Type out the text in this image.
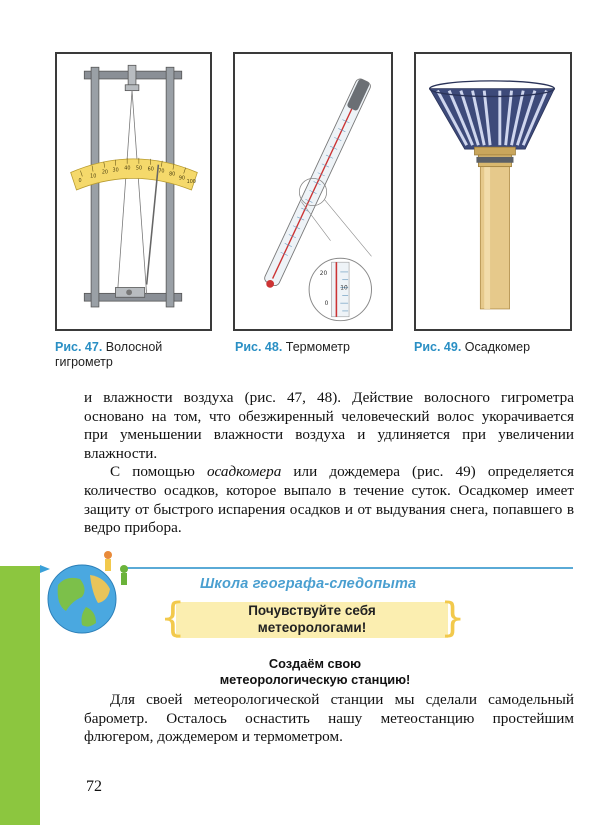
0
10
20 30 40 50 60 70 80
90
100
20
10
0
Рис. 47. Волосной гигрометр
Рис. 48. Термометр	Рис. 49. Осадкомер

и влажности воздуха (рис. 47, 48). Действие волосного гигрометра основано на том, что обезжиренный человеческий волос укорачивается при уменьшении влажности воздуха и удлиняется при увеличении влажности.

С помощью осадкомера или дождемера (рис. 49) определяется количество осадков, которое выпало в течение суток. Осадкомер имеет защиту от быстрого испарения осадков и от выдувания снега, попавшего в ведро прибора.

Школа географа-следопыта
{	}
Почувствуйте себя
метеорологами!
Создаём свою
метеорологическую станцию!

Для своей метеорологической станции мы сделали самодельный барометр. Осталось оснастить нашу метеостанцию простейшим флюгером, дождемером и термометром.

72
